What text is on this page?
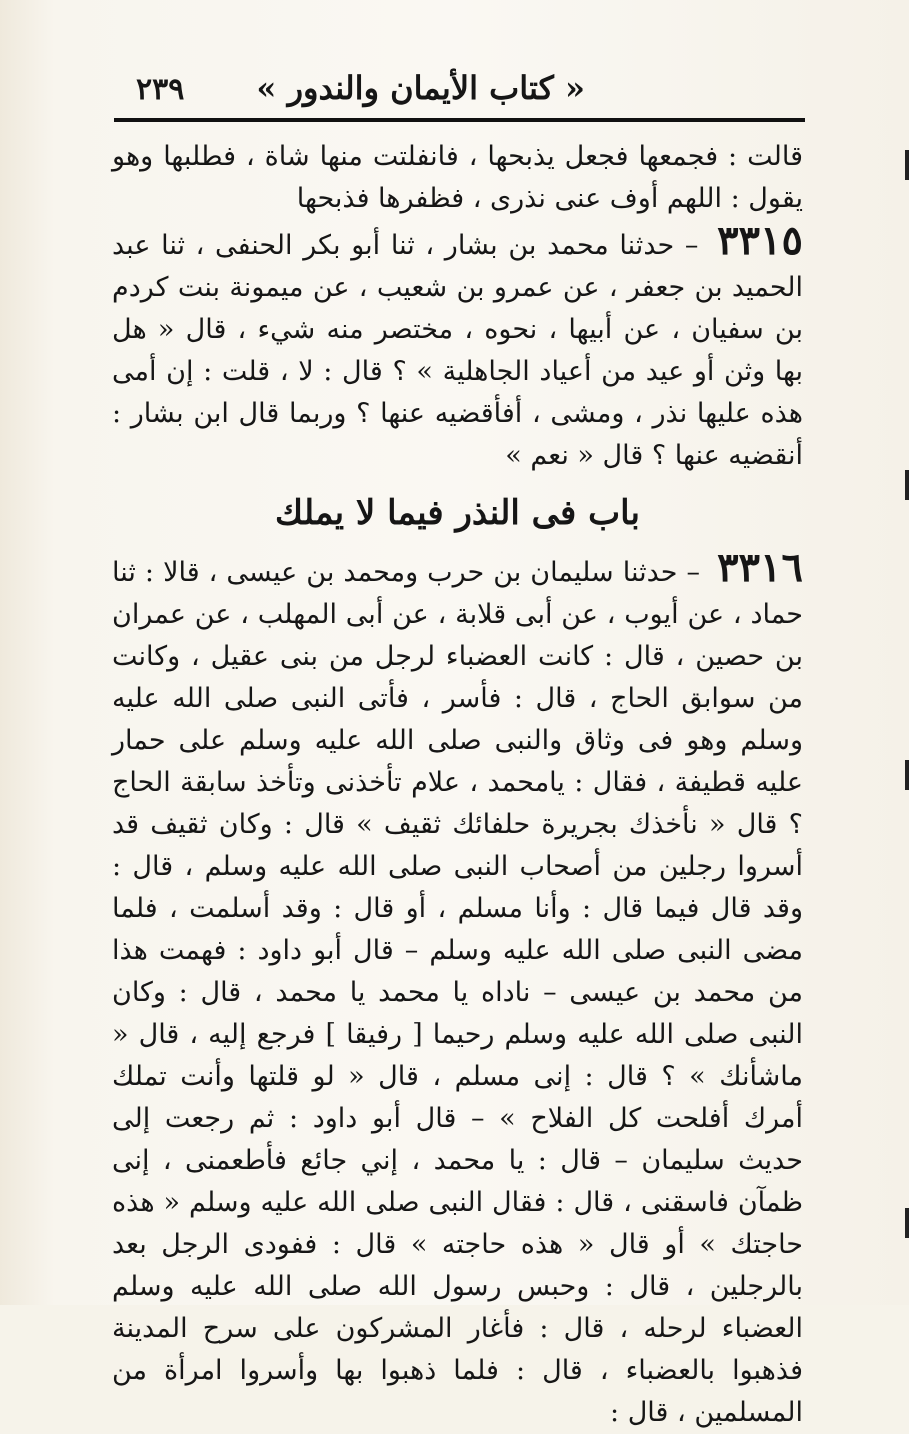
« كتاب الأيمان والندور »
٢٣٩

قالت : فجمعها فجعل يذبحها ، فانفلتت منها شاة ، فطلبها وهو يقول : اللهم أوف عنى نذرى ، فظفرها فذبحها

٣٣١٥ – حدثنا محمد بن بشار ، ثنا أبو بكر الحنفى ، ثنا عبد الحميد بن جعفر ، عن عمرو بن شعيب ، عن ميمونة بنت كردم بن سفيان ، عن أبيها ، نحوه ، مختصر منه شيء ، قال « هل بها وثن أو عيد من أعياد الجاهلية » ؟ قال : لا ، قلت : إن أمى هذه عليها نذر ، ومشى ، أفأقضيه عنها ؟ وربما قال ابن بشار : أنقضيه عنها ؟ قال « نعم »

باب فى النذر فيما لا يملك

٣٣١٦ – حدثنا سليمان بن حرب ومحمد بن عيسى ، قالا : ثنا حماد ، عن أيوب ، عن أبى قلابة ، عن أبى المهلب ، عن عمران بن حصين ، قال : كانت العضباء لرجل من بنى عقيل ، وكانت من سوابق الحاج ، قال : فأسر ، فأتى النبى صلى الله عليه وسلم وهو فى وثاق والنبى صلى الله عليه وسلم على حمار عليه قطيفة ، فقال : يامحمد ، علام تأخذنى وتأخذ سابقة الحاج ؟ قال « نأخذك بجريرة حلفائك ثقيف » قال : وكان ثقيف قد أسروا رجلين من أصحاب النبى صلى الله عليه وسلم ، قال : وقد قال فيما قال : وأنا مسلم ، أو قال : وقد أسلمت ، فلما مضى النبى صلى الله عليه وسلم – قال أبو داود : فهمت هذا من محمد بن عيسى – ناداه يا محمد يا محمد ، قال : وكان النبى صلى الله عليه وسلم رحيما [ رفيقا ] فرجع إليه ، قال « ماشأنك » ؟ قال : إنى مسلم ، قال « لو قلتها وأنت تملك أمرك أفلحت كل الفلاح » – قال أبو داود : ثم رجعت إلى حديث سليمان – قال : يا محمد ، إني جائع فأطعمنى ، إنى ظمآن فاسقنى ، قال : فقال النبى صلى الله عليه وسلم « هذه حاجتك » أو قال « هذه حاجته » قال : ففودى الرجل بعد بالرجلين ، قال : وحبس رسول الله صلى الله عليه وسلم العضباء لرحله ، قال : فأغار المشركون على سرح المدينة فذهبوا بالعضباء ، قال : فلما ذهبوا بها وأسروا امرأة من المسلمين ، قال :
